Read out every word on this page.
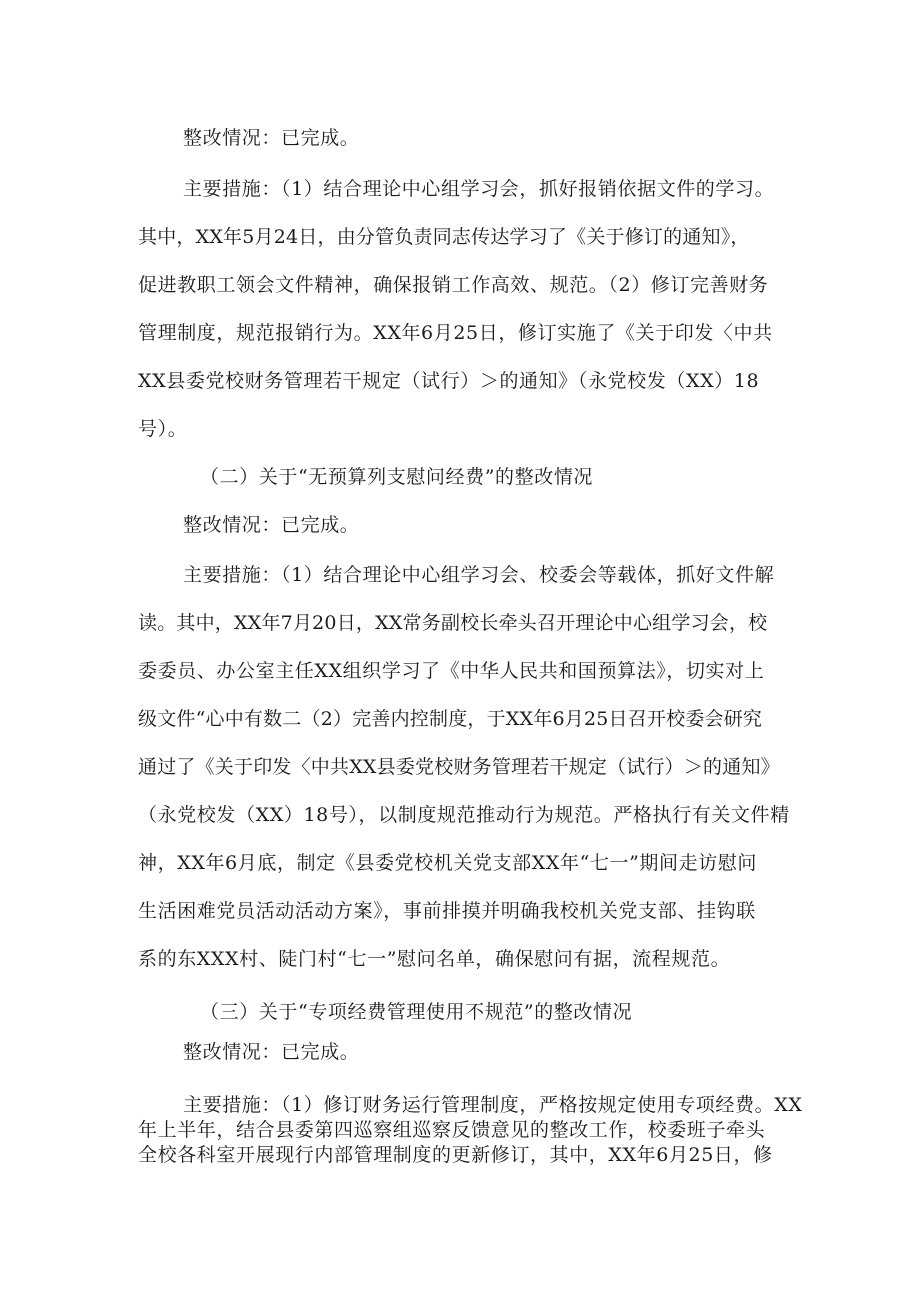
整改情况：已完成。
主要措施：（1）结合理论中心组学习会，抓好报销依据文件的学习。
其中，XX年5月24日，由分管负责同志传达学习了《关于修订的通知》，
促进教职工领会文件精神，确保报销工作高效、规范。（2）修订完善财务
管理制度，规范报销行为。XX年6月25日，修订实施了《关于印发〈中共
XX县委党校财务管理若干规定（试行）＞的通知》（永党校发（XX）18
号）。
（二）关于“无预算列支慰问经费”的整改情况
整改情况：已完成。
主要措施：（1）结合理论中心组学习会、校委会等载体，抓好文件解
读。其中，XX年7月20日，XX常务副校长牵头召开理论中心组学习会，校
委委员、办公室主任XX组织学习了《中华人民共和国预算法》，切实对上
级文件“心中有数二（2）完善内控制度，于XX年6月25日召开校委会研究
通过了《关于印发〈中共XX县委党校财务管理若干规定（试行）＞的通知》
（永党校发（XX）18号），以制度规范推动行为规范。严格执行有关文件精
神，XX年6月底，制定《县委党校机关党支部XX年“七一”期间走访慰问
生活困难党员活动活动方案》，事前排摸并明确我校机关党支部、挂钩联
系的东XXX村、陡门村“七一”慰问名单，确保慰问有据，流程规范。
（三）关于“专项经费管理使用不规范”的整改情况
整改情况：已完成。
主要措施：（1）修订财务运行管理制度，严格按规定使用专项经费。XX
年上半年，结合县委第四巡察组巡察反馈意见的整改工作，校委班子牵头
全校各科室开展现行内部管理制度的更新修订，其中，XX年6月25日，修
